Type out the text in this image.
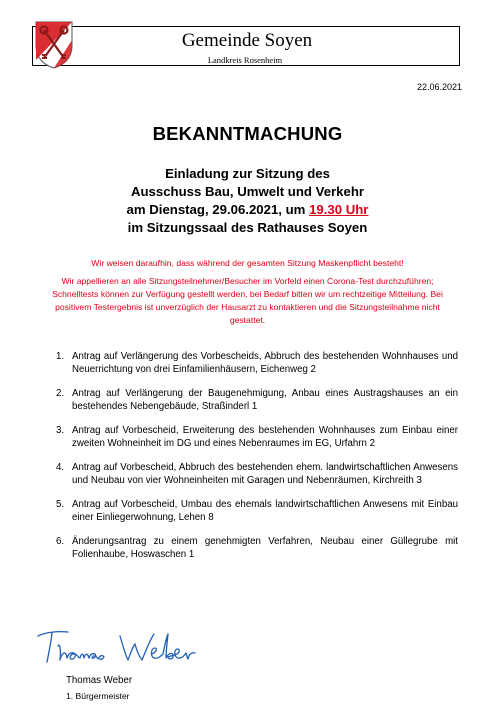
Gemeinde Soyen
Landkreis Rosenheim
22.06.2021
BEKANNTMACHUNG
Einladung zur Sitzung des
Ausschuss Bau, Umwelt und Verkehr
am Dienstag, 29.06.2021, um 19.30 Uhr
im Sitzungssaal des Rathauses Soyen

Wir weisen daraufhin, dass während der gesamten Sitzung Maskenpflicht besteht!

Wir appellieren an alle Sitzungsteilnehmer/Besucher im Vorfeld einen Corona-Test durchzuführen; Schnelltests können zur Verfügung gestellt werden, bei Bedarf bitten wir um rechtzeitige Mitteilung. Bei positivem Testergebnis ist unverzüglich der Hausarzt zu kontaktieren und die Sitzungsteilnahme nicht gestattet.

1. Antrag auf Verlängerung des Vorbescheids, Abbruch des bestehenden Wohnhauses und Neuerrichtung von drei Einfamilienhäusern, Eichenweg 2
2. Antrag auf Verlängerung der Baugenehmigung, Anbau eines Austragshauses an ein bestehendes Nebengebäude, Straßinderl 1
3. Antrag auf Vorbescheid, Erweiterung des bestehenden Wohnhauses zum Einbau einer zweiten Wohneinheit im DG und eines Nebenraumes im EG, Urfahrn 2
4. Antrag auf Vorbescheid, Abbruch des bestehenden ehem. landwirtschaftlichen Anwesens und Neubau von vier Wohneinheiten mit Garagen und Nebenräumen, Kirchreith 3
5. Antrag auf Vorbescheid, Umbau des ehemals landwirtschaftlichen Anwesens mit Einbau einer Einliegerwohnung, Lehen 8
6. Änderungsantrag zu einem genehmigten Verfahren, Neubau einer Güllegrube mit Folienhaube, Hoswaschen 1
Thomas Weber
1. Bürgermeister
